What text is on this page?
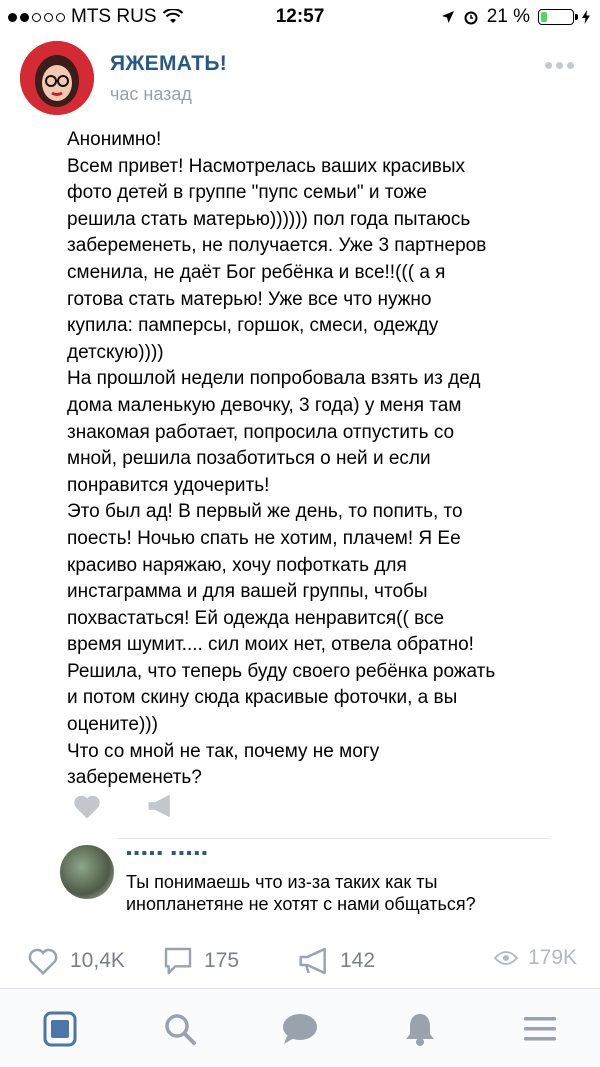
MTS RUS	12:57	21 %
ЯЖЕМАТЬ!
час назад
Анонимно!
Всем привет! Насмотрелась ваших красивых
фото детей в группе "пупс семьи" и тоже
решила стать матерью)))))) пол года пытаюсь
забеременеть, не получается. Уже 3 партнеров
сменила, не даёт Бог ребёнка и все!!((( а я
готова стать матерью! Уже все что нужно
купила: памперсы, горшок, смеси, одежду
детскую))))
На прошлой недели попробовала взять из дед
дома маленькую девочку, 3 года) у меня там
знакомая работает, попросила отпустить со
мной, решила позаботиться о ней и если
понравится удочерить!
Это был ад! В первый же день, то попить, то
поесть! Ночью спать не хотим, плачем! Я Ее
красиво наряжаю, хочу пофоткать для
инстаграмма и для вашей группы, чтобы
похвастаться! Ей одежда ненравится(( все
время шумит.... сил моих нет, отвела обратно!
Решила, что теперь буду своего ребёнка рожать
и потом скину сюда красивые фоточки, а вы
оцените)))
Что со мной не так, почему не могу
забеременеть?
▪▪▪▪▪ ▪▪▪▪▪
Ты понимаешь что из-за таких как ты
инопланетяне не хотят с нами общаться?
10,4K	175	142	179K
